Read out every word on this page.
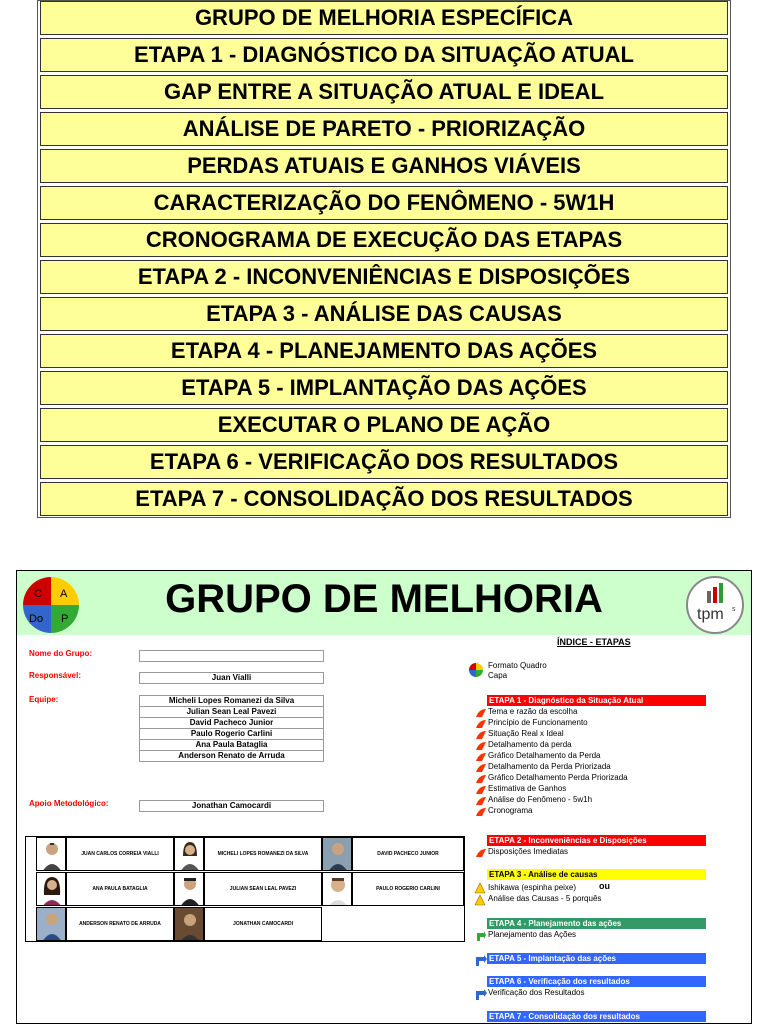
GRUPO DE MELHORIA ESPECÍFICA
ETAPA 1 - DIAGNÓSTICO DA SITUAÇÃO ATUAL
GAP ENTRE A SITUAÇÃO ATUAL E IDEAL
ANÁLISE DE PARETO - PRIORIZAÇÃO
PERDAS ATUAIS E GANHOS VIÁVEIS
CARACTERIZAÇÃO DO FENÔMENO - 5W1H
CRONOGRAMA DE EXECUÇÃO DAS ETAPAS
ETAPA 2 - INCONVENIÊNCIAS E DISPOSIÇÕES
ETAPA 3 - ANÁLISE DAS CAUSAS
ETAPA 4 - PLANEJAMENTO DAS AÇÕES
ETAPA 5 - IMPLANTAÇÃO DAS AÇÕES
EXECUTAR O PLANO DE AÇÃO
ETAPA 6 - VERIFICAÇÃO DOS RESULTADOS
ETAPA 7 - CONSOLIDAÇÃO DOS RESULTADOS
C A
Do P	GRUPO DE MELHORIA	tpm s
Nome do Grupo:
Responsável:	Juan Vialli
Equipe:	Micheli Lopes Romanezi da Silva
Julian Sean Leal Pavezi
David Pacheco Junior
Paulo Rogerio Carlini
Ana Paula Bataglia
Anderson Renato de Arruda
Apoio Metodológico:	Jonathan Camocardi
JUAN CARLOS CORREIA VIALLI	MICHELI LOPES ROMANEZI DA SILVA	DAVID PACHECO JUNIOR
ANA PAULA BATAGLIA	JULIAN SEAN LEAL PAVEZI	PAULO ROGERIO CARLINI
ANDERSON RENATO DE ARRUDA	JONATHAN CAMOCARDI
ÍNDICE - ETAPAS
Formato Quadro
Capa
ETAPA 1 - Diagnóstico da Situação Atual
Tema e razão da escolha
Princípio de Funcionamento
Situação Real x Ideal
Detalhamento da perda
Gráfico Detalhamento da Perda
Detalhamento da Perda Priorizada
Gráfico Detalhamento Perda Priorizada
Estimativa de Ganhos
Análise do Fenômeno - 5w1h
Cronograma
ETAPA 2 - Inconveniências e Disposições
Disposições Imediatas
ETAPA 3 - Análise de causas
Ishikawa (espinha peixe)	ou
Análise das Causas - 5 porquês
ETAPA 4 - Planejamento das ações
Planejamento das Ações
ETAPA 5 - Implantação das ações
ETAPA 6 - Verificação dos resultados
Verificação dos Resultados
ETAPA 7 - Consolidação dos resultados
